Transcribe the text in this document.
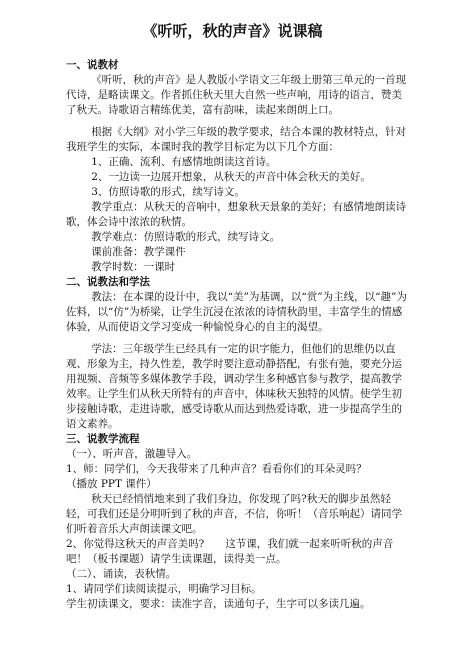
《听听，秋的声音》说课稿

一、说教材

《听听，秋的声音》是人教版小学语文三年级上册第三单元的一首现代诗，是略读课文。作者抓住秋天里大自然一些声响，用诗的语言，赞美了秋天。诗歌语言精练优美，富有韵味，读起来朗朗上口。

根据《大纲》对小学三年级的教学要求，结合本课的教材特点，针对我班学生的实际，本课时我的教学目标定为以下几个方面：

1、正确、流利、有感情地朗读这首诗。

2、一边读一边展开想象，从秋天的声音中体会秋天的美好。

3、仿照诗歌的形式，续写诗文。

教学重点：从秋天的音响中，想象秋天景象的美好；有感情地朗读诗歌，体会诗中浓浓的秋情。

教学难点：仿照诗歌的形式，续写诗文。

课前准备：教学课件

教学时数：一课时

二、说教法和学法

教法：在本课的设计中，我以“美”为基调，以“赏”为主线，以“趣”为佐料，以“仿”为桥梁，让学生沉浸在浓浓的诗情秋韵里，丰富学生的情感体验，从而使语文学习变成一种愉悦身心的自主的渴望。

学法：三年级学生已经具有一定的识字能力，但他们的思维仍以直观、形象为主，持久性差，教学时要注意动静搭配，有张有弛，要充分运用视频、音频等多媒体教学手段，调动学生多种感官参与教学，提高教学效率。让学生们从秋天所特有的声音中，体味秋天独特的风情。使学生初步接触诗歌，走进诗歌，感受诗歌从而达到热爱诗歌，进一步提高学生的语文素养。

三、说教学流程

（一）、听声音，激趣导入。

1、师：同学们，今天我带来了几种声音？看看你们的耳朵灵吗？

（播放 PPT 课件）

秋天已经悄悄地来到了我们身边，你发现了吗?秋天的脚步虽然轻轻，可我们还是分明听到了秋的声音，不信，你听！（音乐响起）请同学们听着音乐大声朗读课文吧。

2、你觉得这秋天的声音美吗?　　这节课，我们就一起来听听秋的声音吧！（板书课题）请学生读课题，读得美一点。

（二）、诵读，表秋情。

1、请同学们读阅读提示，明确学习目标。

学生初读课文，要求：读准字音，读通句子，生字可以多读几遍。
